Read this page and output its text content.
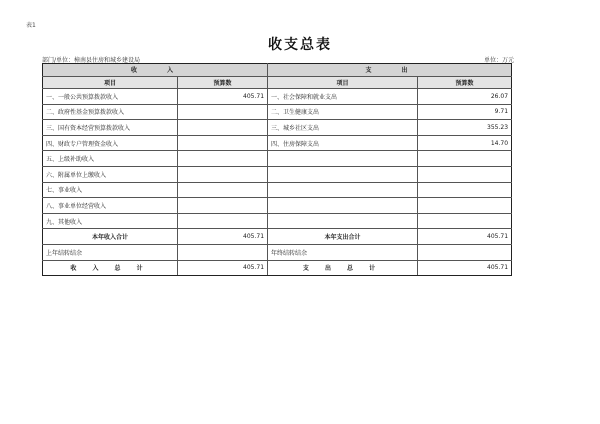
表1
收支总表
部门/单位：樟南县住房和城乡建设局	单位：万元
收　　入		支　　出	
项目	预算数	项目	预算数
一、一般公共预算拨款收入	405.71	一、社会保障和就业支出	26.07
二、政府性基金预算拨款收入		二、卫生健康支出	9.71
三、国有资本经营预算拨款收入		三、城乡社区支出	355.23
四、财政专户管理资金收入		四、住房保障支出	14.70
五、上级补助收入			
六、附属单位上缴收入			
七、事业收入			
八、事业单位经营收入			
九、其他收入			
本年收入合计	405.71	本年支出合计	405.71
上年结转结余		年终结转结余	
收 入 总 计	405.71	支 出 总 计	405.71
